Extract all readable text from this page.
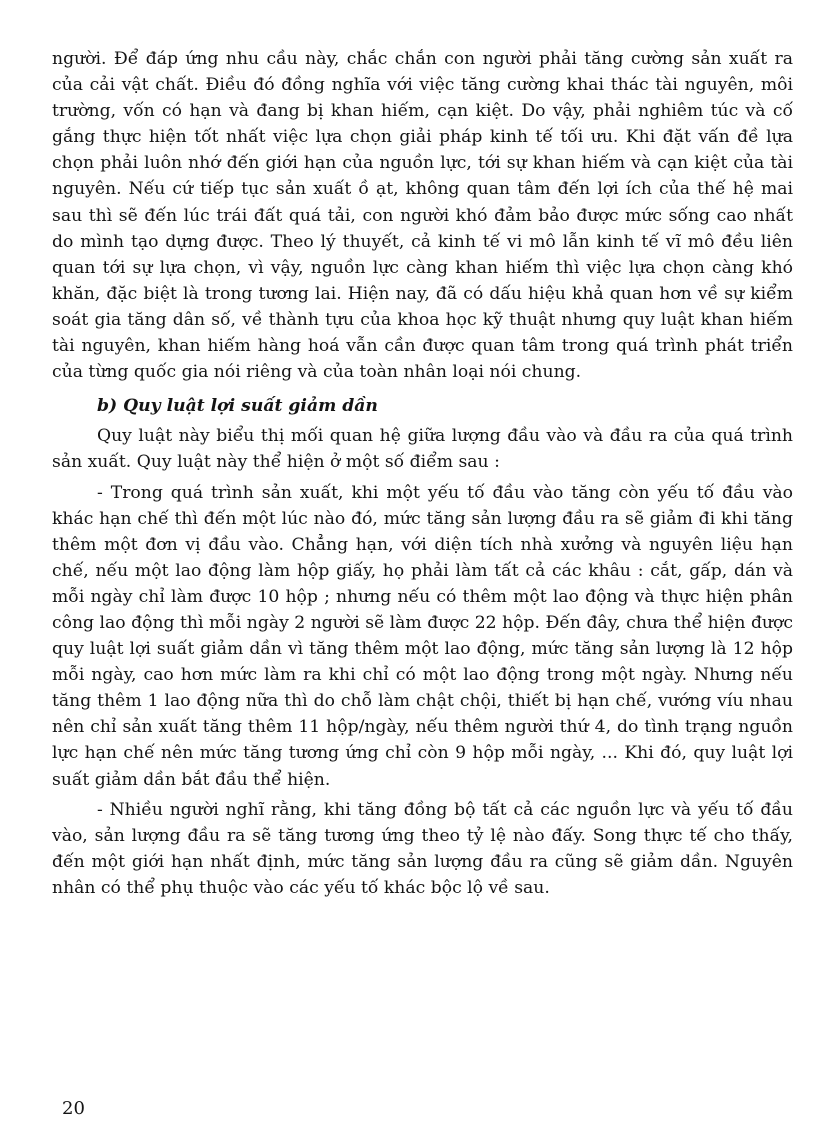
người. Để đáp ứng nhu cầu này, chắc chắn con người phải tăng cường sản xuất ra của cải vật chất. Điều đó đồng nghĩa với việc tăng cường khai thác tài nguyên, môi trường, vốn có hạn và đang bị khan hiếm, cạn kiệt. Do vậy, phải nghiêm túc và cố gắng thực hiện tốt nhất việc lựa chọn giải pháp kinh tế tối ưu. Khi đặt vấn đề lựa chọn phải luôn nhớ đến giới hạn của nguồn lực, tới sự khan hiếm và cạn kiệt của tài nguyên. Nếu cứ tiếp tục sản xuất ồ ạt, không quan tâm đến lợi ích của thế hệ mai sau thì sẽ đến lúc trái đất quá tải, con người khó đảm bảo được mức sống cao nhất do mình tạo dựng được. Theo lý thuyết, cả kinh tế vi mô lẫn kinh tế vĩ mô đều liên quan tới sự lựa chọn, vì vậy, nguồn lực càng khan hiếm thì việc lựa chọn càng khó khăn, đặc biệt là trong tương lai. Hiện nay, đã có dấu hiệu khả quan hơn về sự kiểm soát gia tăng dân số, về thành tựu của khoa học kỹ thuật nhưng quy luật khan hiếm tài nguyên, khan hiếm hàng hoá vẫn cần được quan tâm trong quá trình phát triển của từng quốc gia nói riêng và của toàn nhân loại nói chung.

b) Quy luật lợi suất giảm dần

Quy luật này biểu thị mối quan hệ giữa lượng đầu vào và đầu ra của quá trình sản xuất. Quy luật này thể hiện ở một số điểm sau :

- Trong quá trình sản xuất, khi một yếu tố đầu vào tăng còn yếu tố đầu vào khác hạn chế thì đến một lúc nào đó, mức tăng sản lượng đầu ra sẽ giảm đi khi tăng thêm một đơn vị đầu vào. Chẳng hạn, với diện tích nhà xưởng và nguyên liệu hạn chế, nếu một lao động làm hộp giấy, họ phải làm tất cả các khâu : cắt, gấp, dán và mỗi ngày chỉ làm được 10 hộp ; nhưng nếu có thêm một lao động và thực hiện phân công lao động thì mỗi ngày 2 người sẽ làm được 22 hộp. Đến đây, chưa thể hiện được quy luật lợi suất giảm dần vì tăng thêm một lao động, mức tăng sản lượng là 12 hộp mỗi ngày, cao hơn mức làm ra khi chỉ có một lao động trong một ngày. Nhưng nếu tăng thêm 1 lao động nữa thì do chỗ làm chật chội, thiết bị hạn chế, vướng víu nhau nên chỉ sản xuất tăng thêm 11 hộp/ngày, nếu thêm người thứ 4, do tình trạng nguồn lực hạn chế nên mức tăng tương ứng chỉ còn 9 hộp mỗi ngày, ... Khi đó, quy luật lợi suất giảm dần bắt đầu thể hiện.

- Nhiều người nghĩ rằng, khi tăng đồng bộ tất cả các nguồn lực và yếu tố đầu vào, sản lượng đầu ra sẽ tăng tương ứng theo tỷ lệ nào đấy. Song thực tế cho thấy, đến một giới hạn nhất định, mức tăng sản lượng đầu ra cũng sẽ giảm dần. Nguyên nhân có thể phụ thuộc vào các yếu tố khác bộc lộ về sau.

20
